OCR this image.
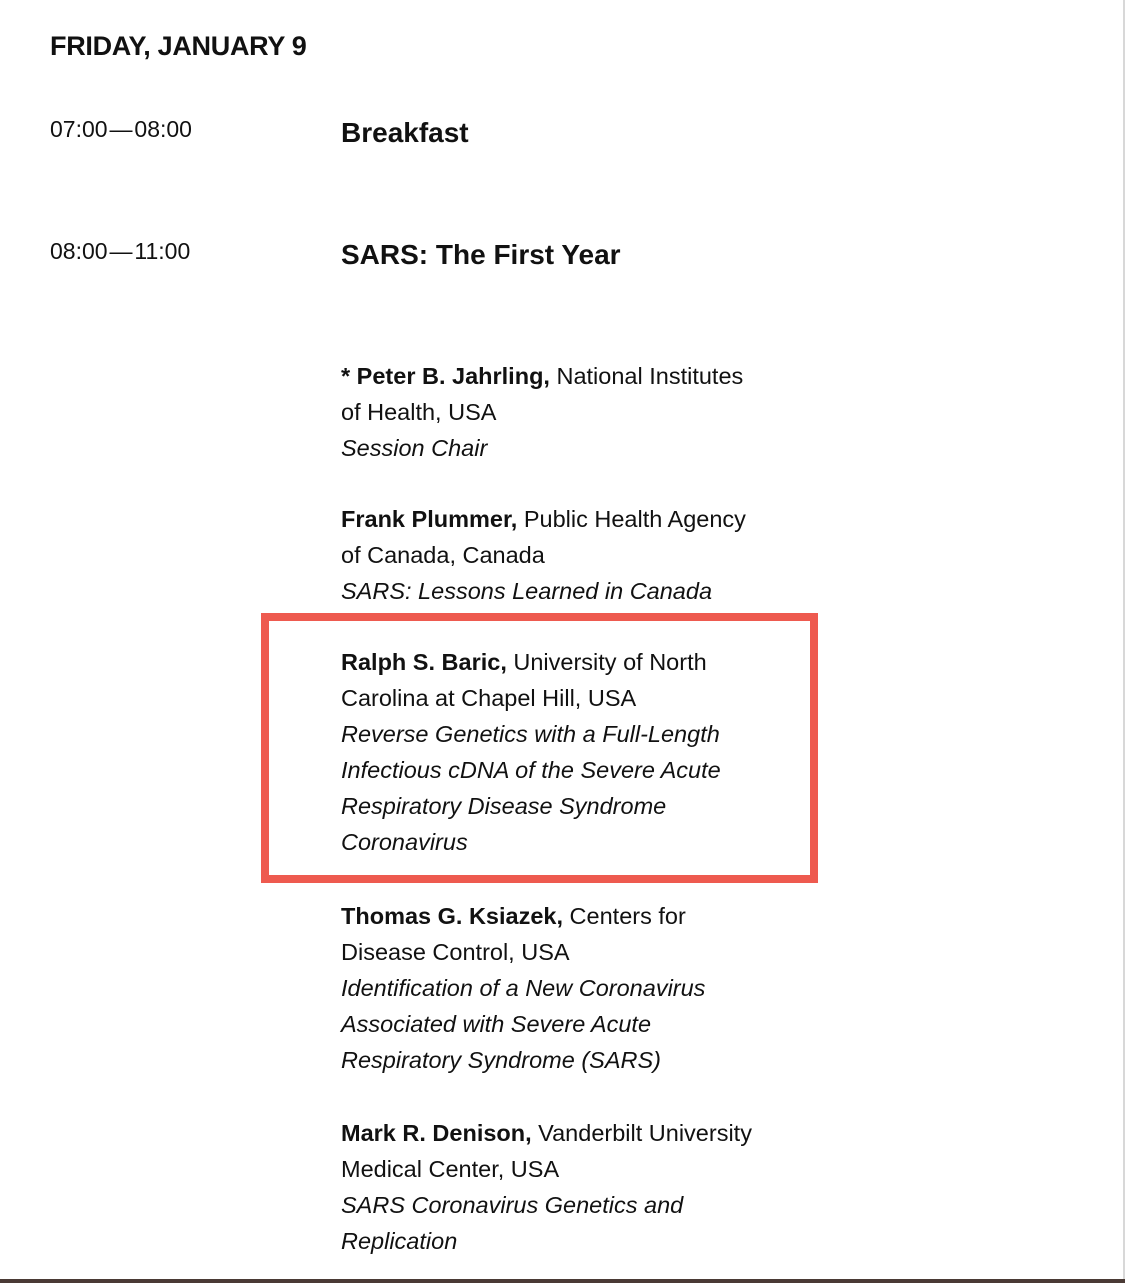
FRIDAY, JANUARY 9
07:00 — 08:00	Breakfast
08:00 — 11:00	SARS: The First Year
* Peter B. Jahrling, National Institutes
of Health, USA
Session Chair
Frank Plummer, Public Health Agency
of Canada, Canada
SARS: Lessons Learned in Canada
Ralph S. Baric, University of North
Carolina at Chapel Hill, USA
Reverse Genetics with a Full-Length
Infectious cDNA of the Severe Acute
Respiratory Disease Syndrome
Coronavirus
Thomas G. Ksiazek, Centers for
Disease Control, USA
Identification of a New Coronavirus
Associated with Severe Acute
Respiratory Syndrome (SARS)
Mark R. Denison, Vanderbilt University
Medical Center, USA
SARS Coronavirus Genetics and
Replication
